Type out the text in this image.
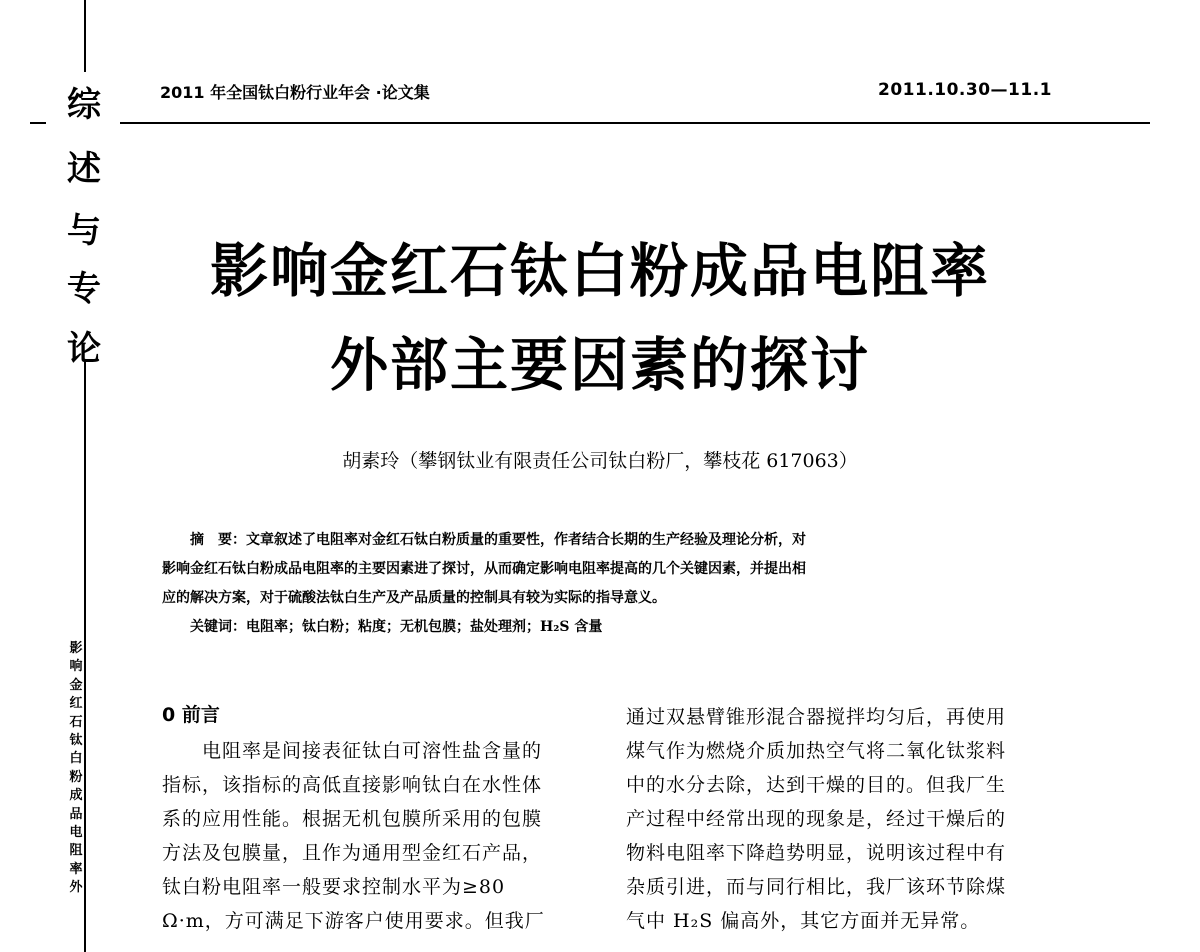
综
述
与
专
论
影
响
金
红
石
钛
白
粉
成
品
电
阻
率
外
2011 年全国钛白粉行业年会 ·论文集	2011.10.30—11.1
影响金红石钛白粉成品电阻率
外部主要因素的探讨
胡素玲（攀钢钛业有限责任公司钛白粉厂，攀枝花 617063）
摘　要：文章叙述了电阻率对金红石钛白粉质量的重要性，作者结合长期的生产经验及理论分析，对
影响金红石钛白粉成品电阻率的主要因素进了探讨，从而确定影响电阻率提高的几个关键因素，并提出相
应的解决方案，对于硫酸法钛白生产及产品质量的控制具有较为实际的指导意义。
关键词：电阻率；钛白粉；粘度；无机包膜；盐处理剂；H₂S 含量
0 前言
　　电阻率是间接表征钛白可溶性盐含量的
指标，该指标的高低直接影响钛白在水性体
系的应用性能。根据无机包膜所采用的包膜
方法及包膜量，且作为通用型金红石产品，
钛白粉电阻率一般要求控制水平为≥80
Ω·m，方可满足下游客户使用要求。但我厂
通过双悬臂锥形混合器搅拌均匀后，再使用
煤气作为燃烧介质加热空气将二氧化钛浆料
中的水分去除，达到干燥的目的。但我厂生
产过程中经常出现的现象是，经过干燥后的
物料电阻率下降趋势明显，说明该过程中有
杂质引进，而与同行相比，我厂该环节除煤
气中 H₂S 偏高外，其它方面并无异常。
